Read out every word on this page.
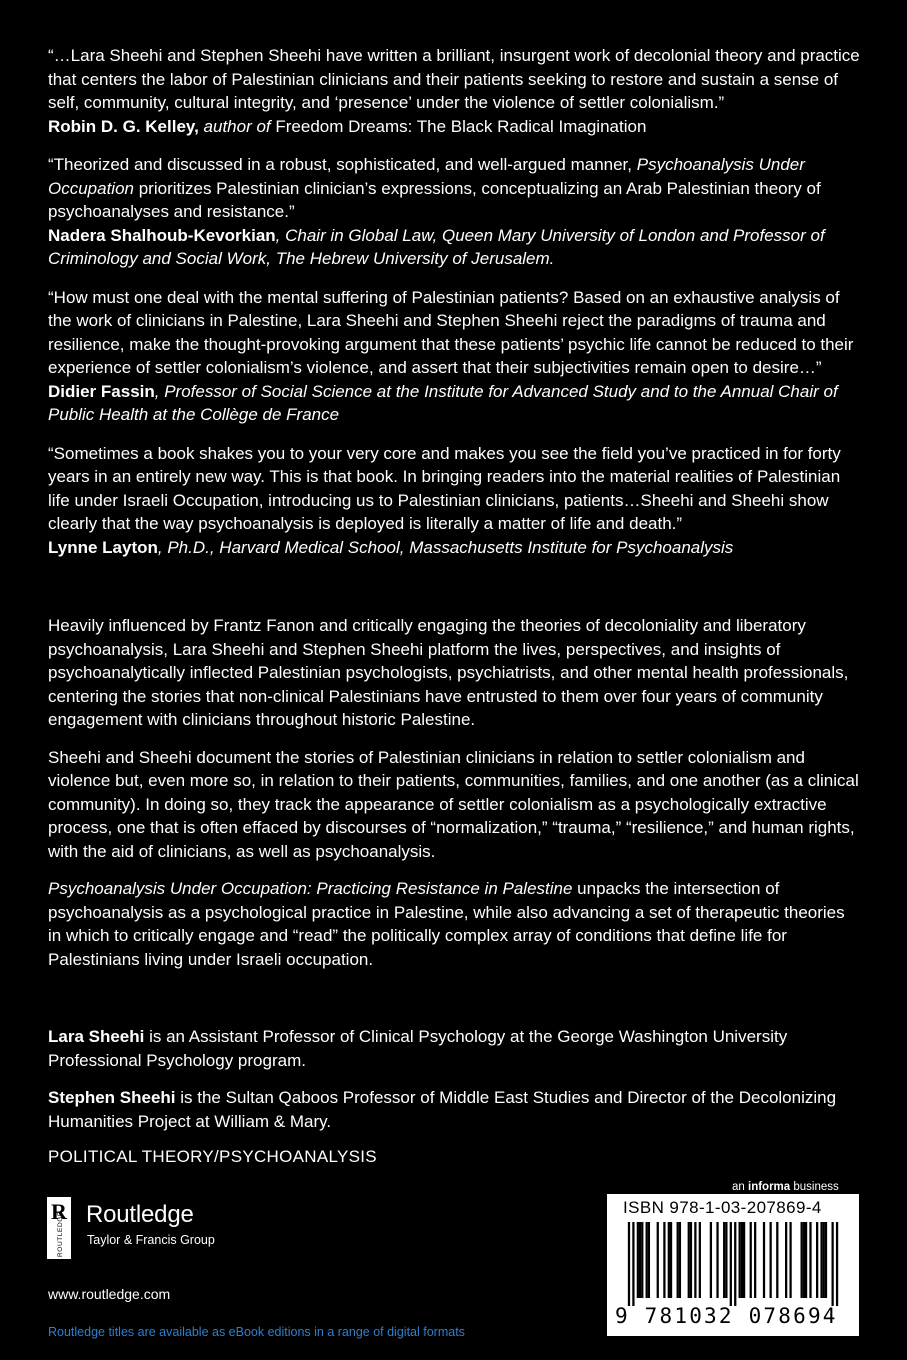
“…Lara Sheehi and Stephen Sheehi have written a brilliant, insurgent work of decolonial theory and practice that centers the labor of Palestinian clinicians and their patients seeking to restore and sustain a sense of self, community, cultural integrity, and ‘presence’ under the violence of settler colonialism.”

Robin D. G. Kelley, author of Freedom Dreams: The Black Radical Imagination

“Theorized and discussed in a robust, sophisticated, and well-argued manner, Psychoanalysis Under Occupation prioritizes Palestinian clinician’s expressions, conceptualizing an Arab Palestinian theory of psychoanalyses and resistance.”

Nadera Shalhoub-Kevorkian, Chair in Global Law, Queen Mary University of London and Professor of Criminology and Social Work, The Hebrew University of Jerusalem.

“How must one deal with the mental suffering of Palestinian patients? Based on an exhaustive analysis of the work of clinicians in Palestine, Lara Sheehi and Stephen Sheehi reject the paradigms of trauma and resilience, make the thought-provoking argument that these patients’ psychic life cannot be reduced to their experience of settler colonialism’s violence, and assert that their subjectivities remain open to desire…”

Didier Fassin, Professor of Social Science at the Institute for Advanced Study and to the Annual Chair of Public Health at the Collège de France

“Sometimes a book shakes you to your very core and makes you see the field you’ve practiced in for forty years in an entirely new way. This is that book. In bringing readers into the material realities of Palestinian life under Israeli Occupation, introducing us to Palestinian clinicians, patients…Sheehi and Sheehi show clearly that the way psychoanalysis is deployed is literally a matter of life and death.”

Lynne Layton, Ph.D., Harvard Medical School, Massachusetts Institute for Psychoanalysis

Heavily influenced by Frantz Fanon and critically engaging the theories of decoloniality and liberatory psychoanalysis, Lara Sheehi and Stephen Sheehi platform the lives, perspectives, and insights of psychoanalytically inflected Palestinian psychologists, psychiatrists, and other mental health professionals, centering the stories that non-clinical Palestinians have entrusted to them over four years of community engagement with clinicians throughout historic Palestine.

Sheehi and Sheehi document the stories of Palestinian clinicians in relation to settler colonialism and violence but, even more so, in relation to their patients, communities, families, and one another (as a clinical community). In doing so, they track the appearance of settler colonialism as a psychologically extractive process, one that is often effaced by discourses of “normalization,” “trauma,” “resilience,” and human rights, with the aid of clinicians, as well as psychoanalysis.

Psychoanalysis Under Occupation: Practicing Resistance in Palestine unpacks the intersection of psychoanalysis as a psychological practice in Palestine, while also advancing a set of therapeutic theories in which to critically engage and “read” the politically complex array of conditions that define life for Palestinians living under Israeli occupation.

Lara Sheehi is an Assistant Professor of Clinical Psychology at the George Washington University Professional Psychology program.

Stephen Sheehi is the Sultan Qaboos Professor of Middle East Studies and Director of the Decolonizing Humanities Project at William & Mary.

POLITICAL THEORY/PSYCHOANALYSIS
R
ROUTLEDGE Routledge
Taylor & Francis Group
www.routledge.com
Routledge titles are available as eBook editions in a range of digital formats
an informa business
ISBN 978-1-03-207869-4
9 781032 078694
